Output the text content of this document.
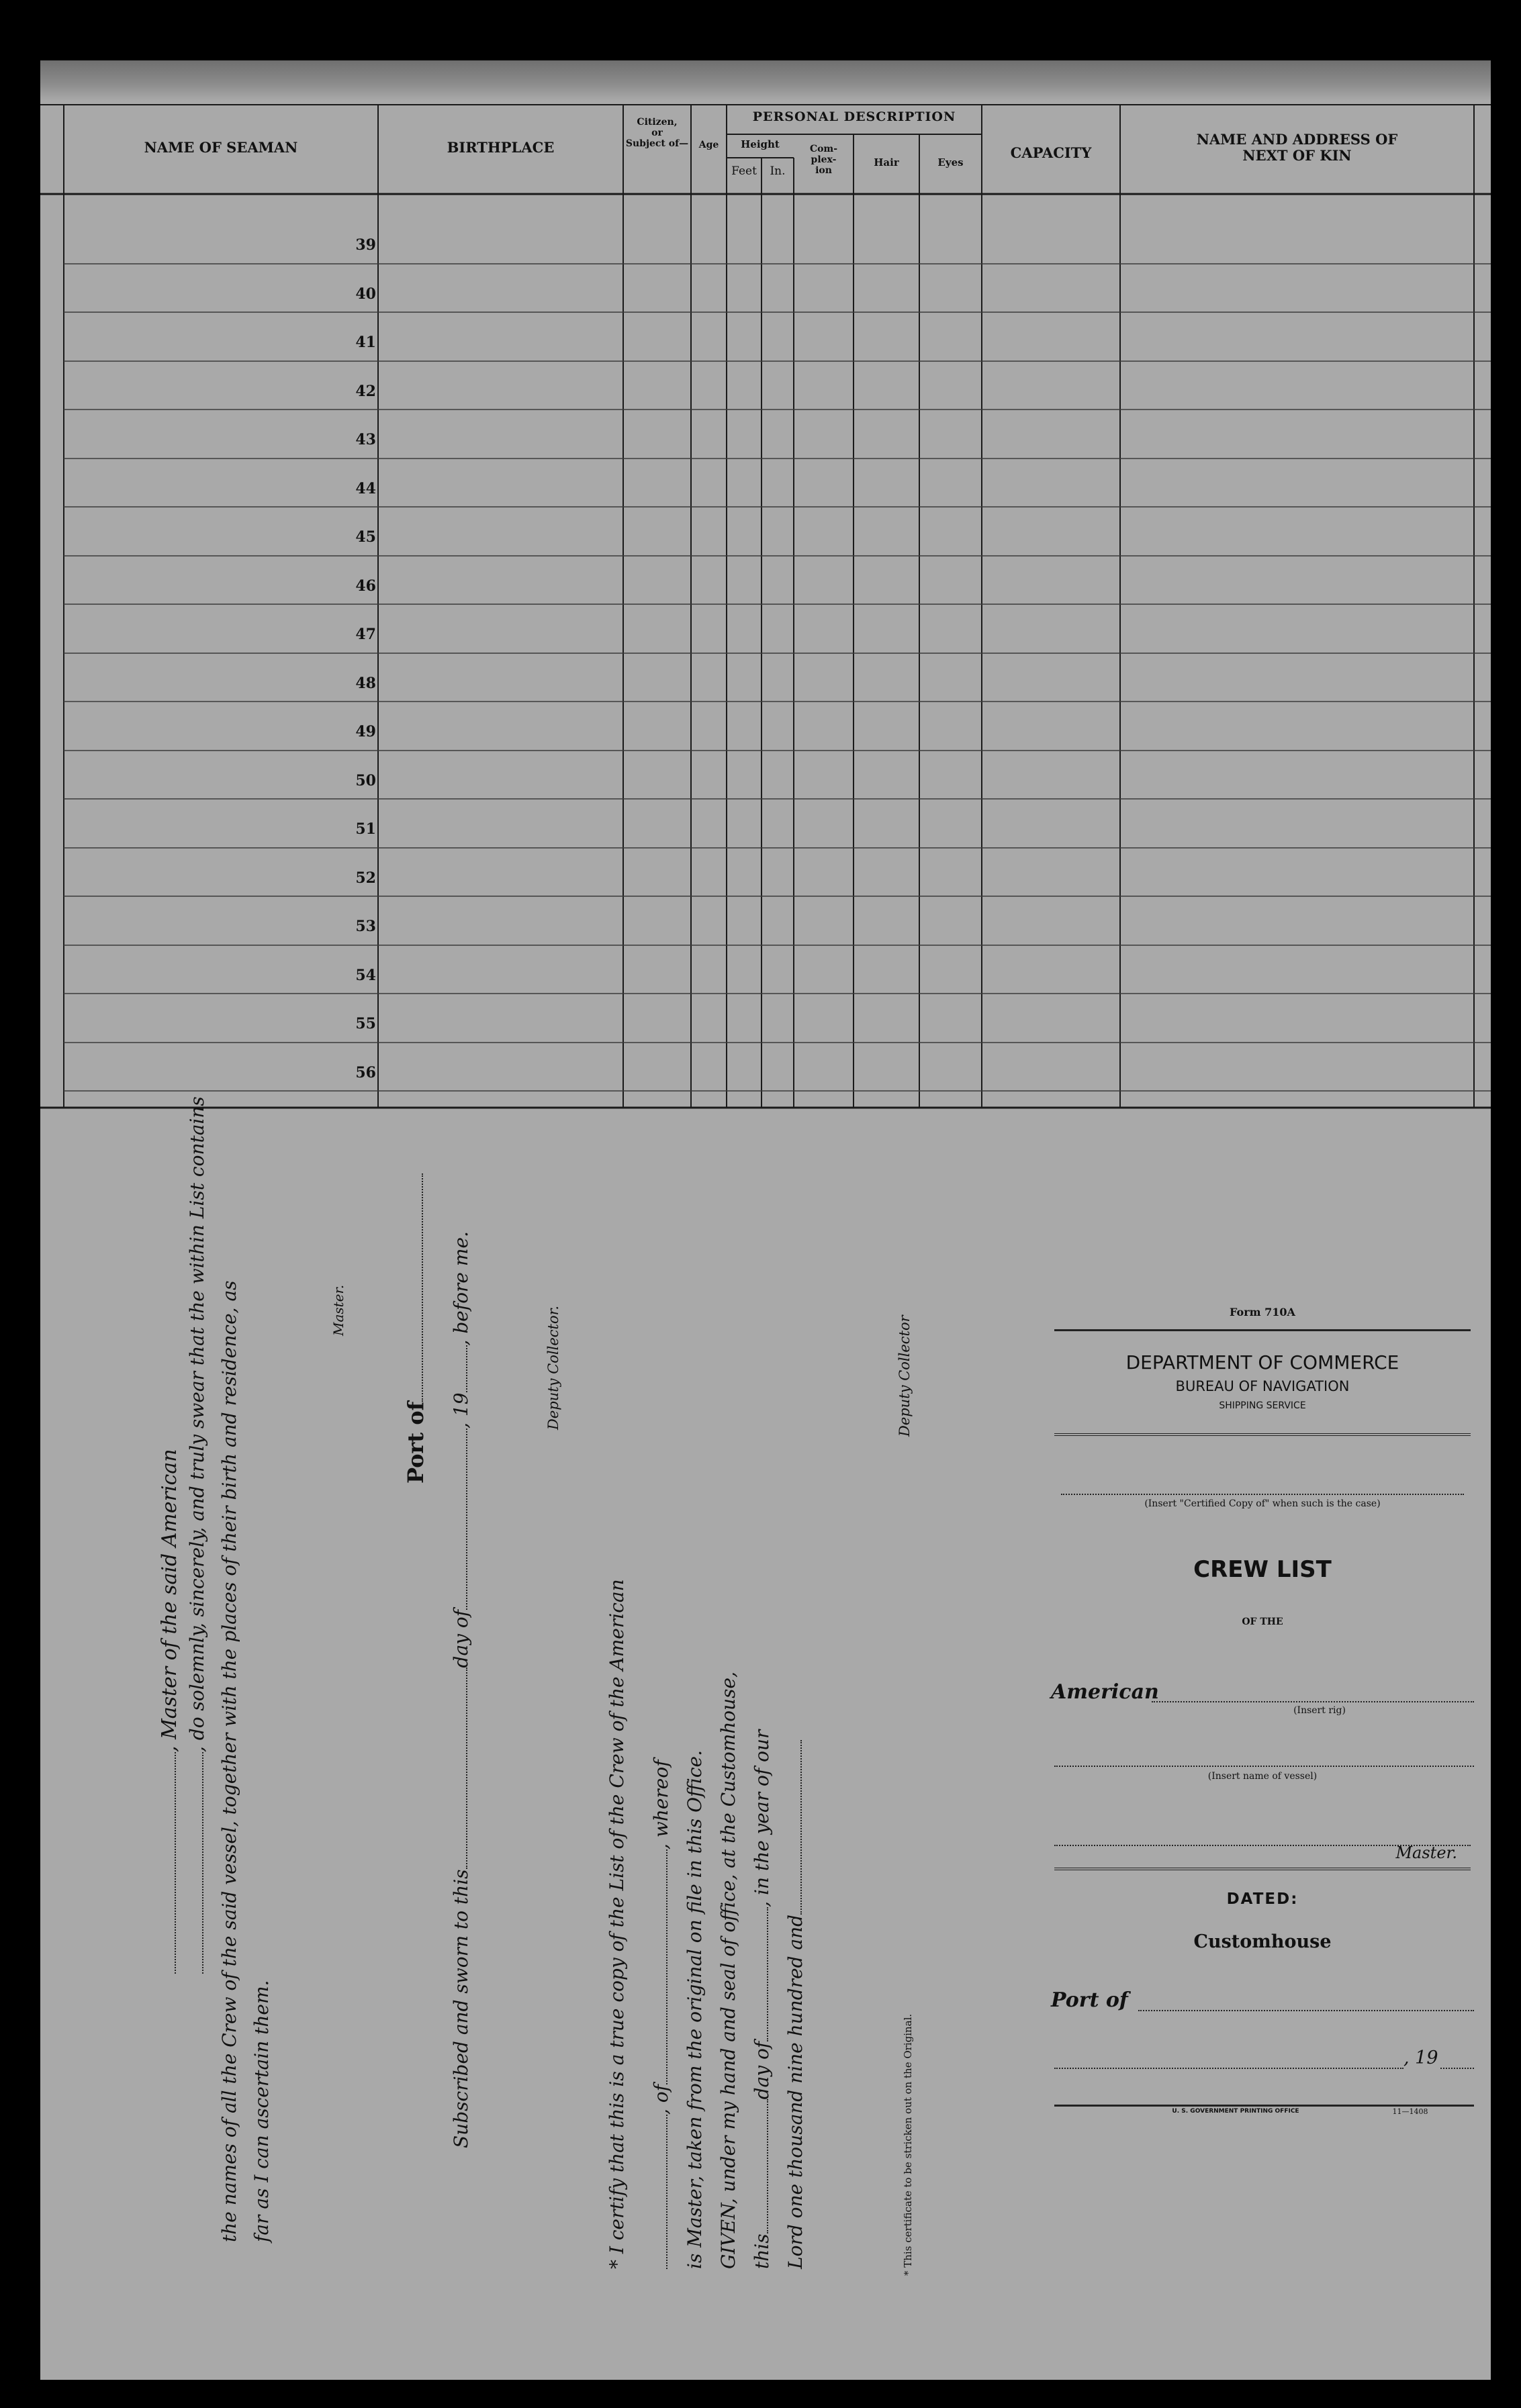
NAME OF SEAMAN	BIRTHPLACE
Citizen,
or
Subject of—	Age
PERSONAL DESCRIPTION
Height
Feet	In.
Com-
plex-
ion
Hair	Eyes
CAPACITY
NAME AND ADDRESS OF
NEXT OF KIN
39
40
41
42
43
44
45
46
47
48
49
50
51
52
53
54
55
56
, Master of the said American , do solemnly, sincerely, and truly swear that the within List contains the names of all the Crew of the said vessel, together with the places of their birth and residence, as far as I can ascertain them.
Master.
Port of
Subscribed and sworn to thisday of, 19, before me.
Deputy Collector.
* I certify that this is a true copy of the List of the Crew of the American , of, whereof is Master, taken from the original on file in this Office. GIVEN, under my hand and seal of office, at the Customhouse, thisday of, in the year of our
Lord one thousand nine hundred and
Deputy Collector
* This certificate to be stricken out on the Original.
Form 710A
DEPARTMENT OF COMMERCE
BUREAU OF NAVIGATION
SHIPPING SERVICE
(Insert "Certified Copy of" when such is the case)
CREW LIST
OF THE
American
(Insert rig)
(Insert name of vessel)
Master.
DATED:
Customhouse
Port of
, 19
U. S. GOVERNMENT PRINTING OFFICE	11—1408
